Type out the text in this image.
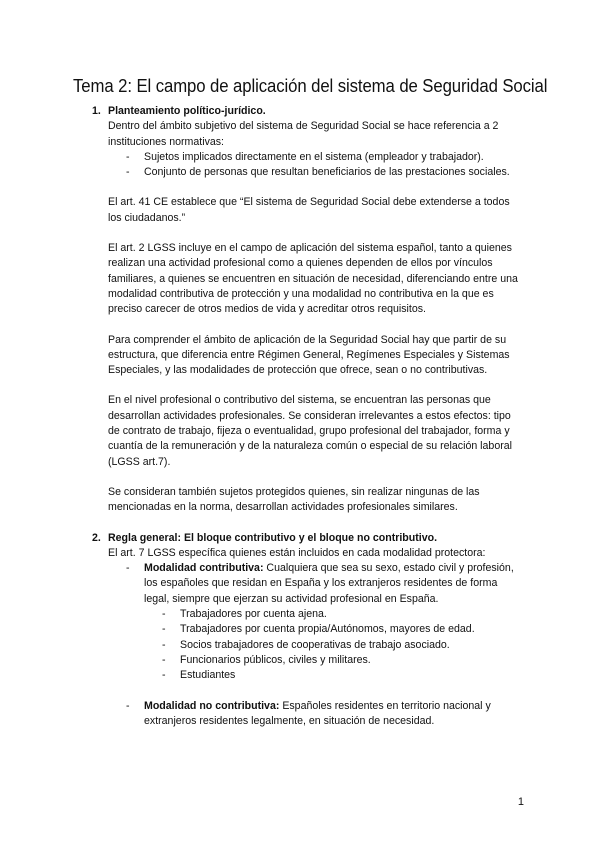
Tema 2: El campo de aplicación del sistema de Seguridad Social
1. Planteamiento político-jurídico.

Dentro del ámbito subjetivo del sistema de Seguridad Social se hace referencia a 2 instituciones normativas:

- Sujetos implicados directamente en el sistema (empleador y trabajador).
- Conjunto de personas que resultan beneficiarios de las prestaciones sociales.

El art. 41 CE establece que “El sistema de Seguridad Social debe extenderse a todos los ciudadanos.”

El art. 2 LGSS incluye en el campo de aplicación del sistema español, tanto a quienes realizan una actividad profesional como a quienes dependen de ellos por vínculos familiares, a quienes se encuentren en situación de necesidad, diferenciando entre una modalidad contributiva de protección y una modalidad no contributiva en la que es preciso carecer de otros medios de vida y acreditar otros requisitos.

Para comprender el ámbito de aplicación de la Seguridad Social hay que partir de su estructura, que diferencia entre Régimen General, Regímenes Especiales y Sistemas Especiales, y las modalidades de protección que ofrece, sean o no contributivas.

En el nivel profesional o contributivo del sistema, se encuentran las personas que desarrollan actividades profesionales. Se consideran irrelevantes a estos efectos: tipo de contrato de trabajo, fijeza o eventualidad, grupo profesional del trabajador, forma y cuantía de la remuneración y de la naturaleza común o especial de su relación laboral (LGSS art.7).

Se consideran también sujetos protegidos quienes, sin realizar ningunas de las mencionadas en la norma, desarrollan actividades profesionales similares.

2. Regla general: El bloque contributivo y el bloque no contributivo.

El art. 7 LGSS específica quienes están incluidos en cada modalidad protectora:

- Modalidad contributiva: Cualquiera que sea su sexo, estado civil y profesión, los españoles que residan en España y los extranjeros residentes de forma legal, siempre que ejerzan su actividad profesional en España.
- Trabajadores por cuenta ajena.
- Trabajadores por cuenta propia/Autónomos, mayores de edad.
- Socios trabajadores de cooperativas de trabajo asociado.
- Funcionarios públicos, civiles y militares.
- Estudiantes
- Modalidad no contributiva: Españoles residentes en territorio nacional y extranjeros residentes legalmente, en situación de necesidad.
1
